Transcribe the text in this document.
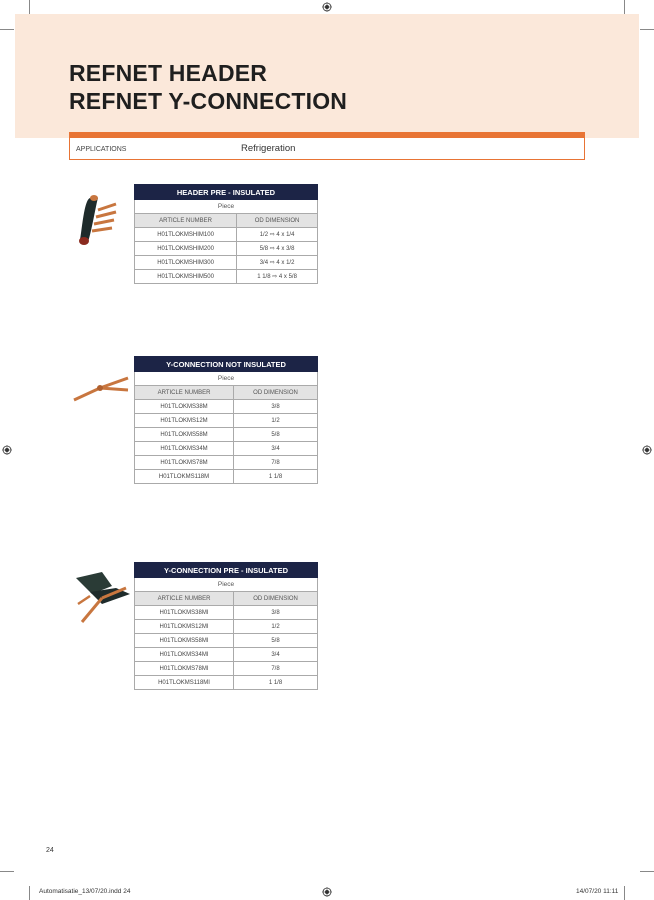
REFNET HEADER
REFNET Y-CONNECTION
APPLICATIONS	Refrigeration
HEADER PRE - INSULATED	
Piece	
ARTICLE NUMBER	OD DIMENSION
H01TLOKMSHIM100	1/2 ⇨ 4 x 1/4
H01TLOKMSHIM200	5/8 ⇨ 4 x 3/8
H01TLOKMSHIM300	3/4 ⇨ 4 x 1/2
H01TLOKMSHIM500	1 1/8 ⇨ 4 x 5/8
Y-CONNECTION NOT INSULATED	
Piece	
ARTICLE NUMBER	OD DIMENSION
H01TLOKMS38M	3/8
H01TLOKMS12M	1/2
H01TLOKMS58M	5/8
H01TLOKMS34M	3/4
H01TLOKMS78M	7/8
H01TLOKMS118M	1 1/8
Y-CONNECTION PRE - INSULATED	
Piece	
ARTICLE NUMBER	OD DIMENSION
H01TLOKMS38MI	3/8
H01TLOKMS12MI	1/2
H01TLOKMS58MI	5/8
H01TLOKMS34MI	3/4
H01TLOKMS78MI	7/8
H01TLOKMS118MI	1 1/8
24
Automatisatie_13/07/20.indd 24	14/07/20 11:11
